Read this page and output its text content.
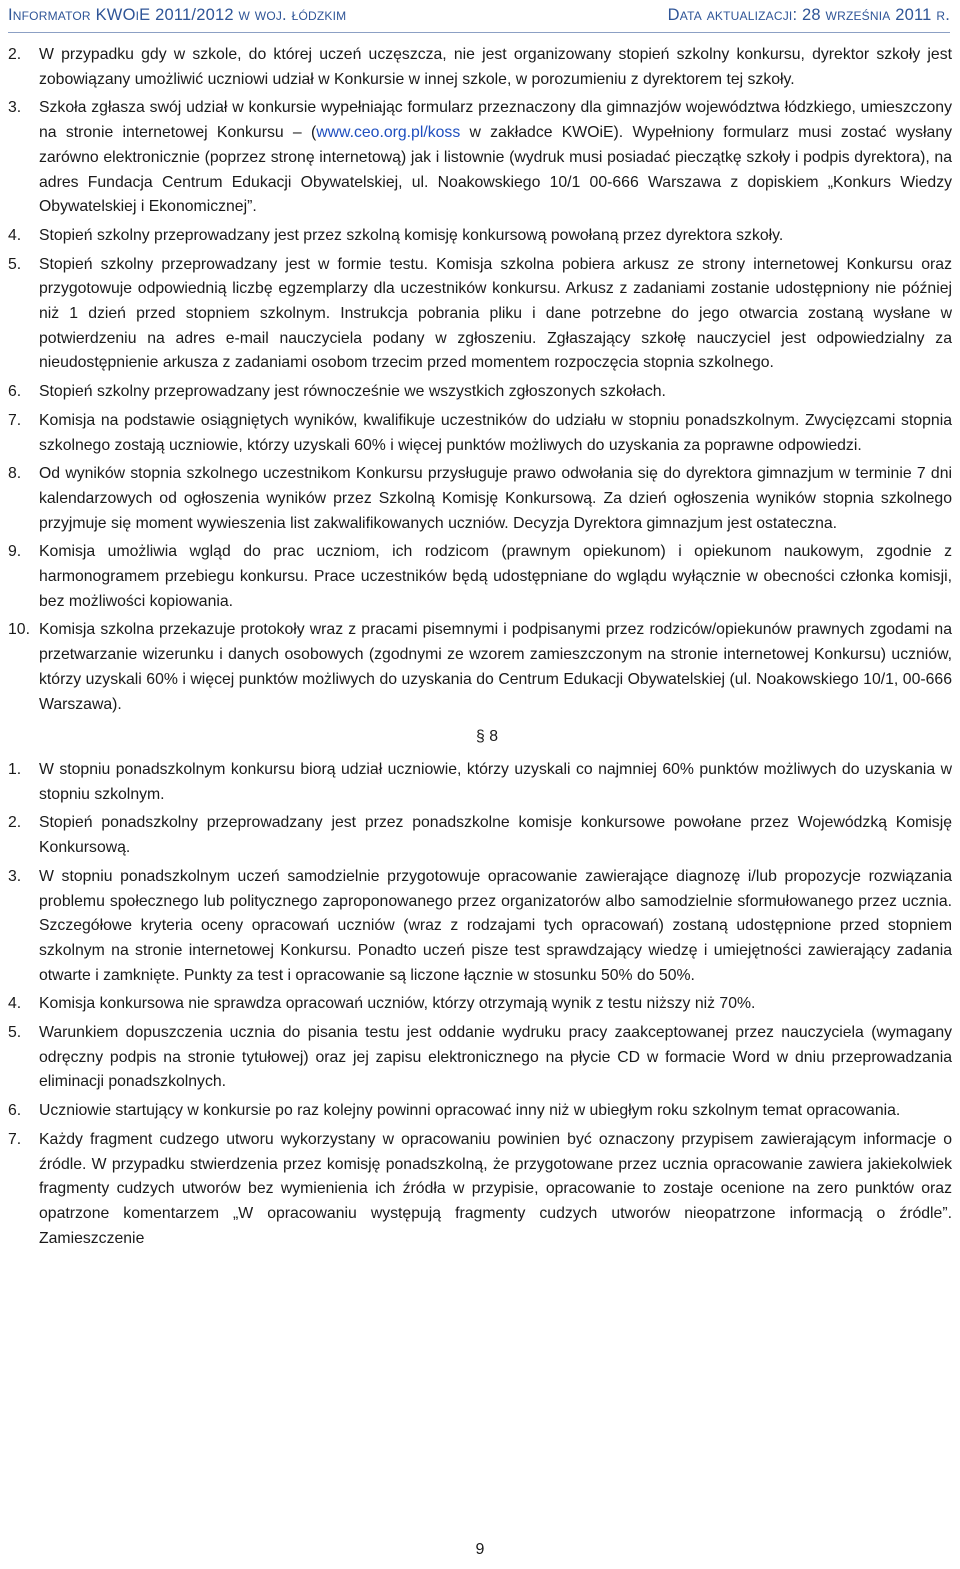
Informator KWOiE 2011/2012 w woj. łódzkim	Data aktualizacji: 28 września 2011 r.
2.	W przypadku gdy w szkole, do której uczeń uczęszcza, nie jest organizowany stopień szkolny konkursu, dyrektor szkoły jest zobowiązany umożliwić uczniowi udział w Konkursie w innej szkole, w porozumieniu z dyrektorem tej szkoły.
3.	Szkoła zgłasza swój udział w konkursie wypełniając formularz przeznaczony dla gimnazjów województwa łódzkiego, umieszczony na stronie internetowej Konkursu – (www.ceo.org.pl/koss w zakładce KWOiE). Wypełniony formularz musi zostać wysłany zarówno elektronicznie (poprzez stronę internetową) jak i listownie (wydruk musi posiadać pieczątkę szkoły i podpis dyrektora), na adres Fundacja Centrum Edukacji Obywatelskiej, ul. Noakowskiego 10/1 00-666 Warszawa z dopiskiem „Konkurs Wiedzy Obywatelskiej i Ekonomicznej”.
4.	Stopień szkolny przeprowadzany jest przez szkolną komisję konkursową powołaną przez dyrektora szkoły.
5.	Stopień szkolny przeprowadzany jest w formie testu. Komisja szkolna pobiera arkusz ze strony internetowej Konkursu oraz przygotowuje odpowiednią liczbę egzemplarzy dla uczestników konkursu. Arkusz z zadaniami zostanie udostępniony nie później niż 1 dzień przed stopniem szkolnym. Instrukcja pobrania pliku i dane potrzebne do jego otwarcia zostaną wysłane w potwierdzeniu na adres e-mail nauczyciela podany w zgłoszeniu. Zgłaszający szkołę nauczyciel jest odpowiedzialny za nieudostępnienie arkusza z zadaniami osobom trzecim przed momentem rozpoczęcia stopnia szkolnego.
6.	Stopień szkolny przeprowadzany jest równocześnie we wszystkich zgłoszonych szkołach.
7.	Komisja na podstawie osiągniętych wyników, kwalifikuje uczestników do udziału w stopniu ponadszkolnym. Zwycięzcami stopnia szkolnego zostają uczniowie, którzy uzyskali 60% i więcej punktów możliwych do uzyskania za poprawne odpowiedzi.
8.	Od wyników stopnia szkolnego uczestnikom Konkursu przysługuje prawo odwołania się do dyrektora gimnazjum w terminie 7 dni kalendarzowych od ogłoszenia wyników przez Szkolną Komisję Konkursową. Za dzień ogłoszenia wyników stopnia szkolnego przyjmuje się moment wywieszenia list zakwalifikowanych uczniów. Decyzja Dyrektora gimnazjum jest ostateczna.
9.	Komisja umożliwia wgląd do prac uczniom, ich rodzicom (prawnym opiekunom) i opiekunom naukowym, zgodnie z harmonogramem przebiegu konkursu. Prace uczestników będą udostępniane do wglądu wyłącznie w obecności członka komisji, bez możliwości kopiowania.
10. Komisja szkolna przekazuje protokoły wraz z pracami pisemnymi i podpisanymi przez rodziców/opiekunów prawnych zgodami na przetwarzanie wizerunku i danych osobowych (zgodnymi ze wzorem zamieszczonym na stronie internetowej Konkursu) uczniów, którzy uzyskali 60% i więcej punktów możliwych do uzyskania do Centrum Edukacji Obywatelskiej (ul. Noakowskiego 10/1, 00-666 Warszawa).
§ 8
1.	W stopniu ponadszkolnym konkursu biorą udział uczniowie, którzy uzyskali co najmniej 60% punktów możliwych do uzyskania w stopniu szkolnym.
2.	Stopień ponadszkolny przeprowadzany jest przez ponadszkolne komisje konkursowe powołane przez Wojewódzką Komisję Konkursową.
3.	W stopniu ponadszkolnym uczeń samodzielnie przygotowuje opracowanie zawierające diagnozę i/lub propozycje rozwiązania problemu społecznego lub politycznego zaproponowanego przez organizatorów albo samodzielnie sformułowanego przez ucznia. Szczegółowe kryteria oceny opracowań uczniów (wraz z rodzajami tych opracowań) zostaną udostępnione przed stopniem szkolnym na stronie internetowej Konkursu. Ponadto uczeń pisze test sprawdzający wiedzę i umiejętności zawierający zadania otwarte i zamknięte. Punkty za test i opracowanie są liczone łącznie w stosunku 50% do 50%.
4.	Komisja konkursowa nie sprawdza opracowań uczniów, którzy otrzymają wynik z testu niższy niż 70%.
5.	Warunkiem dopuszczenia ucznia do pisania testu jest oddanie wydruku pracy zaakceptowanej przez nauczyciela (wymagany odręczny podpis na stronie tytułowej) oraz jej zapisu elektronicznego na płycie CD w formacie Word w dniu przeprowadzania eliminacji ponadszkolnych.
6.	Uczniowie startujący w konkursie po raz kolejny powinni opracować inny niż w ubiegłym roku szkolnym temat opracowania.
7.	Każdy fragment cudzego utworu wykorzystany w opracowaniu powinien być oznaczony przypisem zawierającym informacje o źródle. W przypadku stwierdzenia przez komisję ponadszkolną, że przygotowane przez ucznia opracowanie zawiera jakiekolwiek fragmenty cudzych utworów bez wymienienia ich źródła w przypisie, opracowanie to zostaje ocenione na zero punktów oraz opatrzone komentarzem „W opracowaniu występują fragmenty cudzych utworów nieopatrzone informacją o źródle”. Zamieszczenie
9
